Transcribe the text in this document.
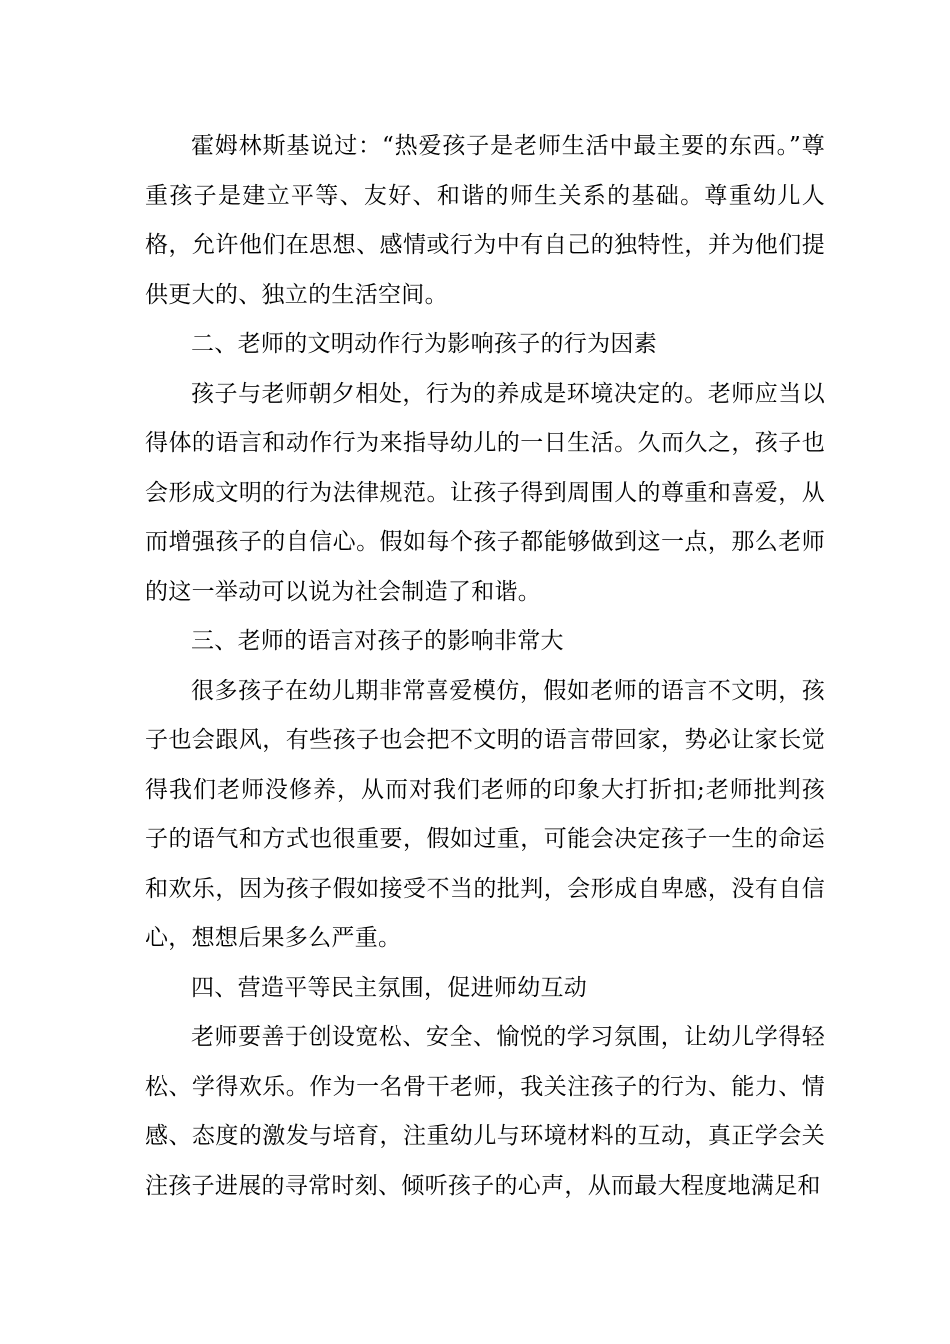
霍姆林斯基说过：“热爱孩子是老师生活中最主要的东西。”尊重孩子是建立平等、友好、和谐的师生关系的基础。尊重幼儿人格，允许他们在思想、感情或行为中有自己的独特性，并为他们提供更大的、独立的生活空间。

二、老师的文明动作行为影响孩子的行为因素

孩子与老师朝夕相处，行为的养成是环境决定的。老师应当以得体的语言和动作行为来指导幼儿的一日生活。久而久之，孩子也会形成文明的行为法律规范。让孩子得到周围人的尊重和喜爱，从而增强孩子的自信心。假如每个孩子都能够做到这一点，那么老师的这一举动可以说为社会制造了和谐。

三、老师的语言对孩子的影响非常大

很多孩子在幼儿期非常喜爱模仿，假如老师的语言不文明，孩子也会跟风，有些孩子也会把不文明的语言带回家，势必让家长觉得我们老师没修养，从而对我们老师的印象大打折扣;老师批判孩子的语气和方式也很重要，假如过重，可能会决定孩子一生的命运和欢乐，因为孩子假如接受不当的批判，会形成自卑感，没有自信心，想想后果多么严重。

四、营造平等民主氛围，促进师幼互动

老师要善于创设宽松、安全、愉悦的学习氛围，让幼儿学得轻松、学得欢乐。作为一名骨干老师，我关注孩子的行为、能力、情感、态度的激发与培育，注重幼儿与环境材料的互动，真正学会关注孩子进展的寻常时刻、倾听孩子的心声，从而最大程度地满足和
